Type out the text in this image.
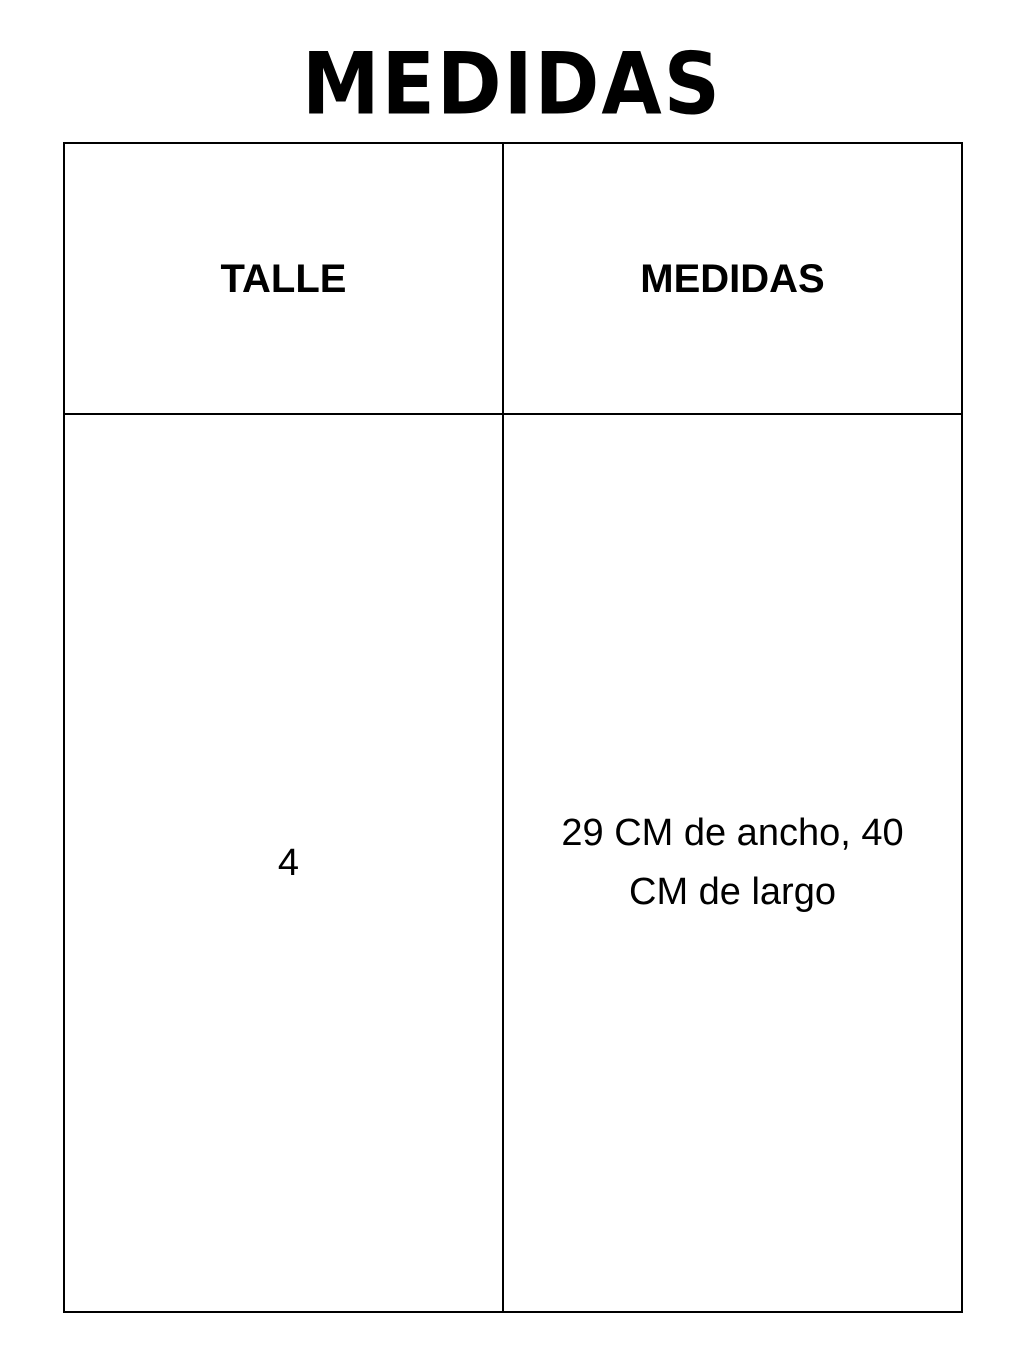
MEDIDAS
TALLE	MEDIDAS
4	29 CM de ancho, 40 CM de largo
